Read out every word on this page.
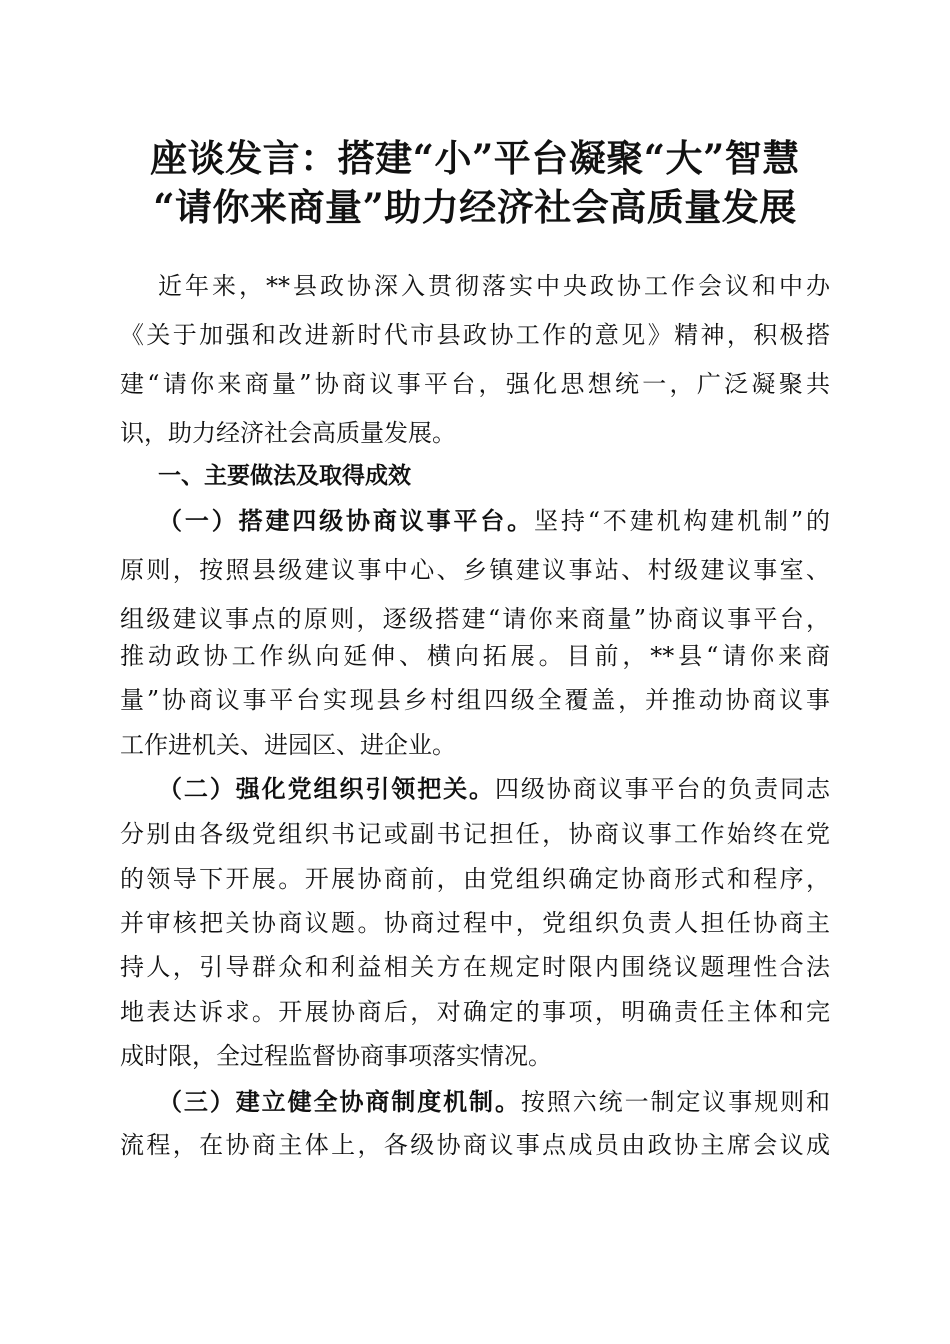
座谈发言：搭建“小”平台凝聚“大”智慧
“请你来商量”助力经济社会高质量发展
近年来，**县政协深入贯彻落实中央政协工作会议和中办
《关于加强和改进新时代市县政协工作的意见》精神，积极搭
建“请你来商量”协商议事平台，强化思想统一，广泛凝聚共
识，助力经济社会高质量发展。
一、主要做法及取得成效
（一）搭建四级协商议事平台。坚持“不建机构建机制”的
原则，按照县级建议事中心、乡镇建议事站、村级建议事室、
组级建议事点的原则，逐级搭建“请你来商量”协商议事平台，
推动政协工作纵向延伸、横向拓展。目前，**县“请你来商
量”协商议事平台实现县乡村组四级全覆盖，并推动协商议事
工作进机关、进园区、进企业。
（二）强化党组织引领把关。四级协商议事平台的负责同志
分别由各级党组织书记或副书记担任，协商议事工作始终在党
的领导下开展。开展协商前，由党组织确定协商形式和程序，
并审核把关协商议题。协商过程中，党组织负责人担任协商主
持人，引导群众和利益相关方在规定时限内围绕议题理性合法
地表达诉求。开展协商后，对确定的事项，明确责任主体和完
成时限，全过程监督协商事项落实情况。
（三）建立健全协商制度机制。按照六统一制定议事规则和
流程，在协商主体上，各级协商议事点成员由政协主席会议成
